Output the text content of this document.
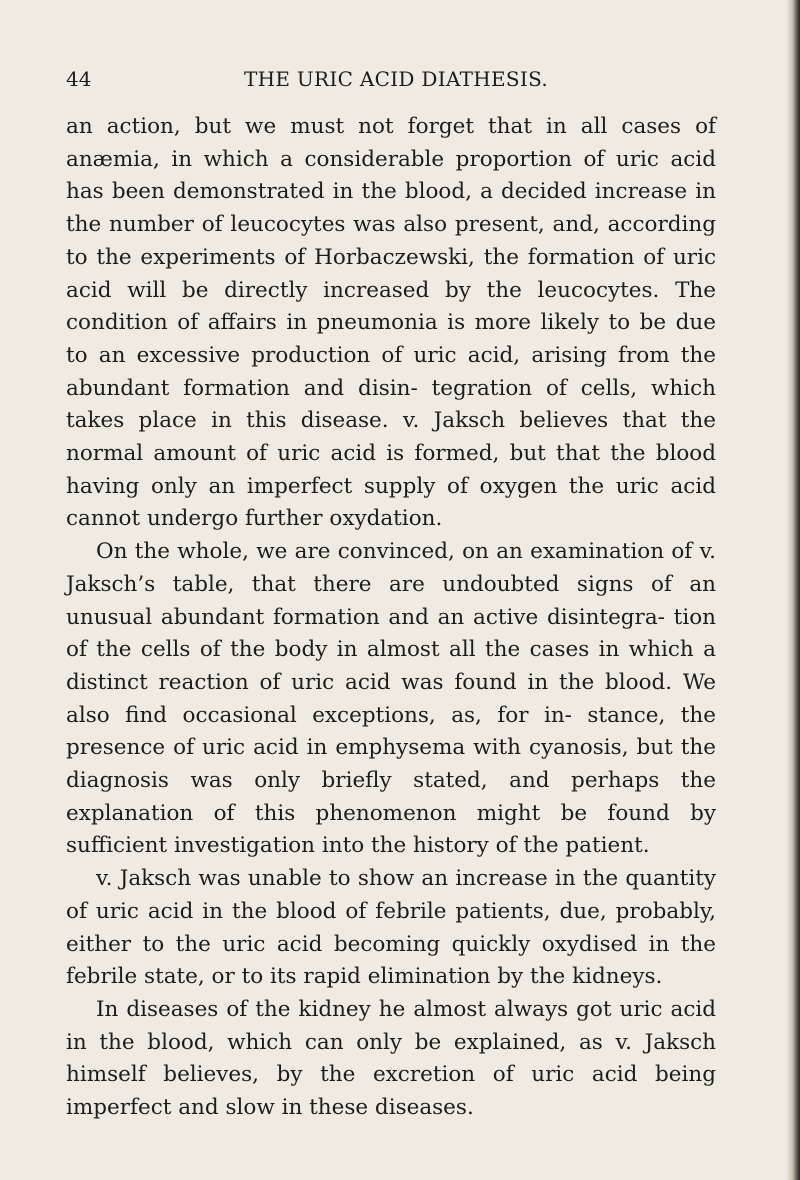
44	THE URIC ACID DIATHESIS.

an action, but we must not forget that in all cases of anæmia, in which a considerable proportion of uric acid has been demonstrated in the blood, a decided increase in the number of leucocytes was also present, and, according to the experiments of Horbaczewski, the formation of uric acid will be directly increased by the leucocytes. The condition of affairs in pneumonia is more likely to be due to an excessive production of uric acid, arising from the abundant formation and disin- tegration of cells, which takes place in this disease. v. Jaksch believes that the normal amount of uric acid is formed, but that the blood having only an imperfect supply of oxygen the uric acid cannot undergo further oxydation.

On the whole, we are convinced, on an examination of v. Jaksch’s table, that there are undoubted signs of an unusual abundant formation and an active disintegra- tion of the cells of the body in almost all the cases in which a distinct reaction of uric acid was found in the blood. We also find occasional exceptions, as, for in- stance, the presence of uric acid in emphysema with cyanosis, but the diagnosis was only briefly stated, and perhaps the explanation of this phenomenon might be found by sufficient investigation into the history of the patient.

v. Jaksch was unable to show an increase in the quantity of uric acid in the blood of febrile patients, due, probably, either to the uric acid becoming quickly oxydised in the febrile state, or to its rapid elimination by the kidneys.

In diseases of the kidney he almost always got uric acid in the blood, which can only be explained, as v. Jaksch himself believes, by the excretion of uric acid being imperfect and slow in these diseases.
